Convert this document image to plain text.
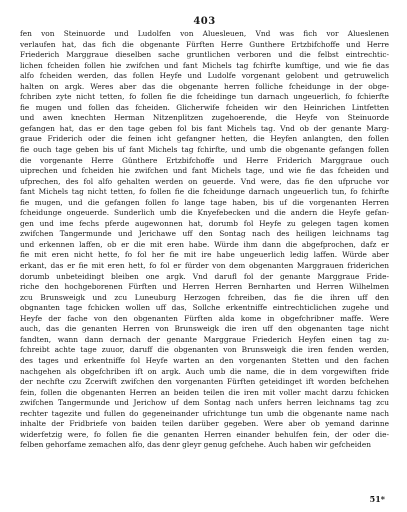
403
fen von Steinuorde und Ludolfen von Aluesleuen, Vnd was fich vor Alueslenen
verlaufen hat, das fich die obgenante Fürften Herre Gunthere Ertzbifchoffe und Herre
Friederich Marggraue dieselben sache gruntlichen verboren und die felbst eintrechtic-
lichen fcheiden follen hie zwifchen und fant Michels tag fchirfte kumftige, und wie fie das
alfo fcheiden werden, das follen Heyfe und Ludolfe vorgenant gelobent und getruwelich
halten on argk. Weres aber das die obgenante herren folliche fcheidunge in der obge-
fchriben zyte nicht tetten, fo follen fie die fcheidinge tun darnach ungeuerlich, fo fchierfte
fie mugen und follen das fcheiden. Glicherwife fcheiden wir den Heinrichen Lintfetten
und awen knechten Herman Nitzenplitzen zugehoerende, die Heyfe von Steinuorde
gefangen hat, das er den tage geben fol bis fant Michels tag. Vnd ob der genante Marg-
graue Friderich oder die feinen icht gefangner hetten, die Heyfen anlangten, den follen
fie ouch tage geben bis uf fant Michels tag fchirfte, und umb die obgenante gefangen follen
die vorgenante Herre Günthere Ertzbifchoffe und Herre Friderich Marggraue ouch
uiprechen und fcheiden hie zwifchen und fant Michels tage, und wie fie das fcheiden und
ufprechen, des fol alfo gehalten werden on geuerde. Vnd were, das fie den ufpruche vor
fant Michels tag nicht tetten, fo follen fie die fcheidunge darnach ungeuerlich tun, fo fchirfte
fie mugen, und die gefangen follen fo lange tage haben, bis uf die vorgenanten Herren
fcheidunge ongeuerde. Sunderlich umb die Knyefebecken und die andern die Heyfe gefan-
gen und ime fechs pferde augewonnen hat, dorumb fol Heyfe zu gelegen tagen komen
zwifchen Tangermunde und Jerichawe uff den Sontag nach des heiligen leichnams tag
und erkennen laffen, ob er die mit eren habe. Würde ihm dann die abgefprochen, dafz er
fie mit eren nicht hette, fo fol her fie mit ire habe ungeuerlich ledig laffen. Würde aber
erkant, das er fie mit eren hett, fo fol er fürder von dem obgenanten Marggrauen friderichen
dorumb unbeteidingt bleiben one argk. Vnd darufl fol der genante Marggraue Fride-
riche den hochgeborenen Fürften und Herren Herren Bernharten und Herren Wilhelmen
zcu Brunsweigk und zcu Luneuburg Herzogen fchreiben, das fie die ihren uff den
obgnanten tage fchicken wollen uff das, Sollche erkentniffe eintrechticlichen zugehe und
Heyfe der fache von den obgenanten Fürften alda kome in obgefchribner maffe. Were
auch, das die genanten Herren von Brunsweigk die iren uff den obgenanten tage nicht
fandten, wann dann dernach der genante Marggraue Friederich Heyfen einen tag zu-
fchreibt achte tage zuuor, daruff die obgenanten von Brunsweigk die iren fenden werden,
des tages und erkentniffe fol Heyfe warten an den vorgenanten Stetten und den fachen
nachgehen als obgefchriben ift on argk. Auch umb die name, die in dem vorgewiften fride
der nechfte czu Zcerwift zwifchen den vorgenanten Fürften geteidinget ift worden befchehen
fein, follen die obgenanten Herren an beiden teilen die iren mit voller macht darzu fchicken
zwifchen Tangermunde und Jerichow uf dem Sontag nach unfers herren leichnams tag zcu
rechter tagezite und fullen do gegeneinander ufrichtunge tun umb die obgenante name nach
inhalte der Fridbriefe von baiden teilen darüber gegeben. Were aber ob yemand darinne
widerfetzig were, fo follen fie die genanten Herren einander behulfen fein, der oder die-
felben gehorfame zemachen alfo, das denr gleyr genug gefchehe. Auch haben wir gefcheiden
51*
